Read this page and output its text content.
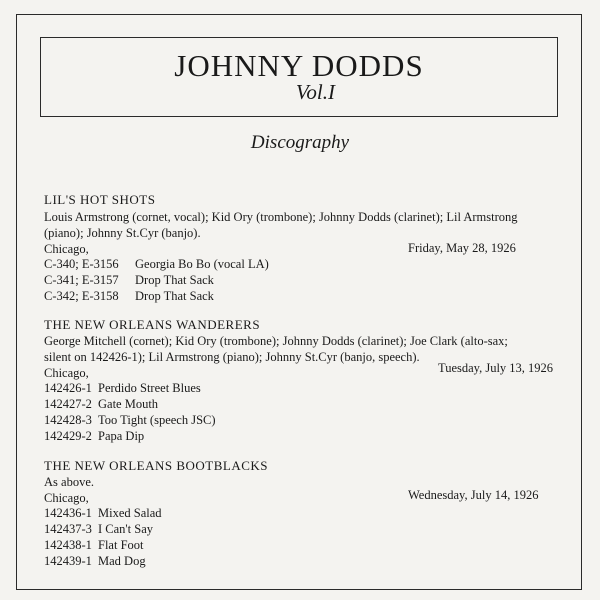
JOHNNY DODDS
Vol.I
Discography
LIL'S HOT SHOTS
Louis Armstrong (cornet, vocal); Kid Ory (trombone); Johnny Dodds (clarinet); Lil Armstrong
(piano); Johnny St.Cyr (banjo).
Chicago,	Friday, May 28, 1926
C-340; E-3156 Georgia Bo Bo (vocal LA)
C-341; E-3157 Drop That Sack
C-342; E-3158 Drop That Sack
THE NEW ORLEANS WANDERERS
George Mitchell (cornet); Kid Ory (trombone); Johnny Dodds (clarinet); Joe Clark (alto-sax;
silent on 142426-1); Lil Armstrong (piano); Johnny St.Cyr (banjo, speech).
Chicago,	Tuesday, July 13, 1926
142426-1 Perdido Street Blues
142427-2 Gate Mouth
142428-3 Too Tight (speech JSC)
142429-2 Papa Dip
THE NEW ORLEANS BOOTBLACKS
As above.
Chicago,	Wednesday, July 14, 1926
142436-1 Mixed Salad
142437-3 I Can't Say
142438-1 Flat Foot
142439-1 Mad Dog
